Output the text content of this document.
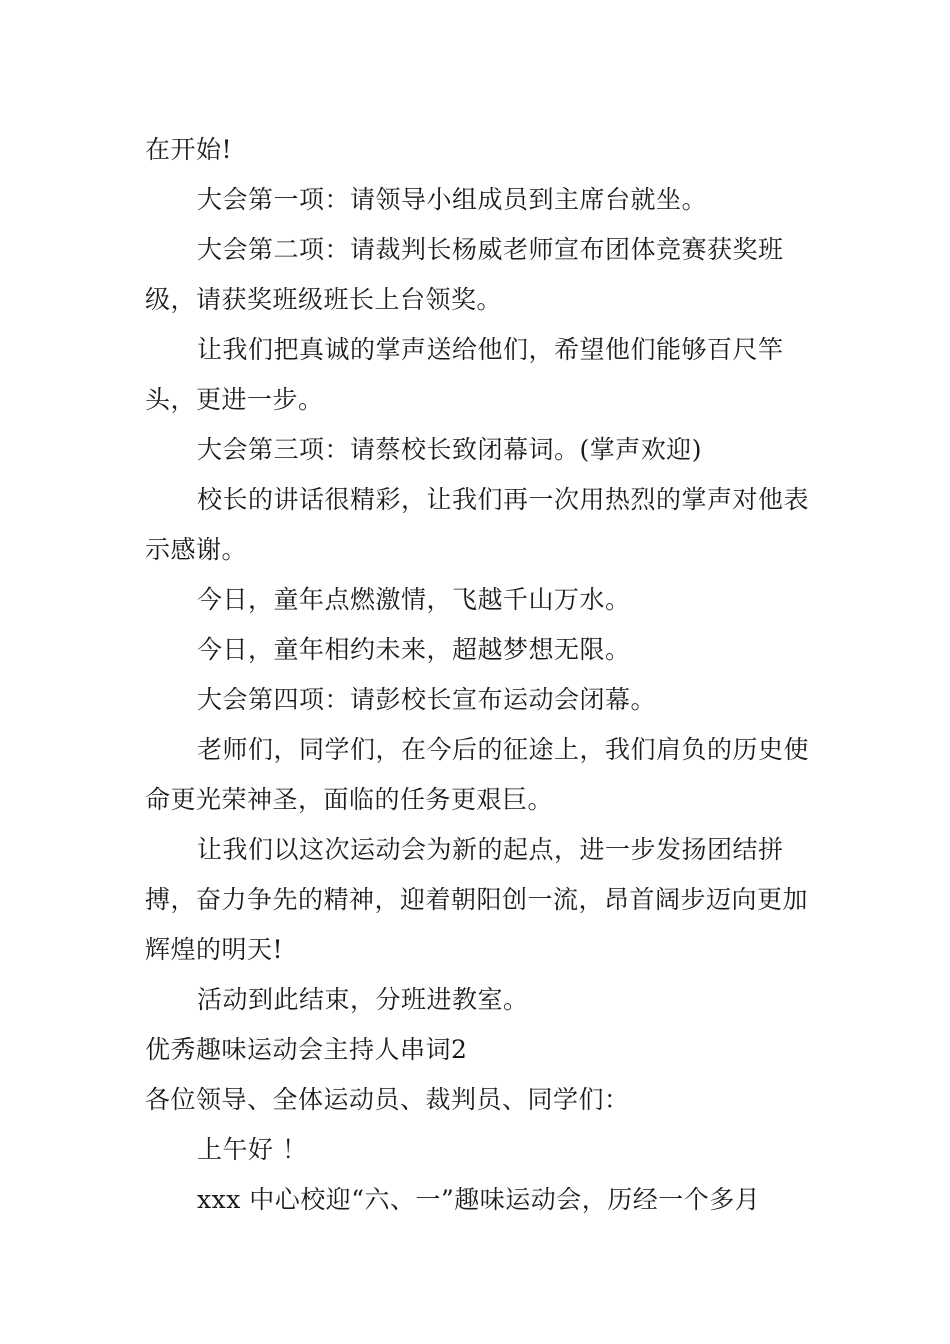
在开始!

大会第一项：请领导小组成员到主席台就坐。

大会第二项：请裁判长杨威老师宣布团体竞赛获奖班级，请获奖班级班长上台领奖。

让我们把真诚的掌声送给他们，希望他们能够百尺竿头，更进一步。

大会第三项：请蔡校长致闭幕词。(掌声欢迎)

校长的讲话很精彩，让我们再一次用热烈的掌声对他表示感谢。

今日，童年点燃激情，飞越千山万水。

今日，童年相约未来，超越梦想无限。

大会第四项：请彭校长宣布运动会闭幕。

老师们，同学们，在今后的征途上，我们肩负的历史使命更光荣神圣，面临的任务更艰巨。

让我们以这次运动会为新的起点，进一步发扬团结拼搏，奋力争先的精神，迎着朝阳创一流，昂首阔步迈向更加辉煌的明天!

活动到此结束，分班进教室。

优秀趣味运动会主持人串词2

各位领导、全体运动员、裁判员、同学们：

上午好 ！

xxx 中心校迎“六、一”趣味运动会，历经一个多月
